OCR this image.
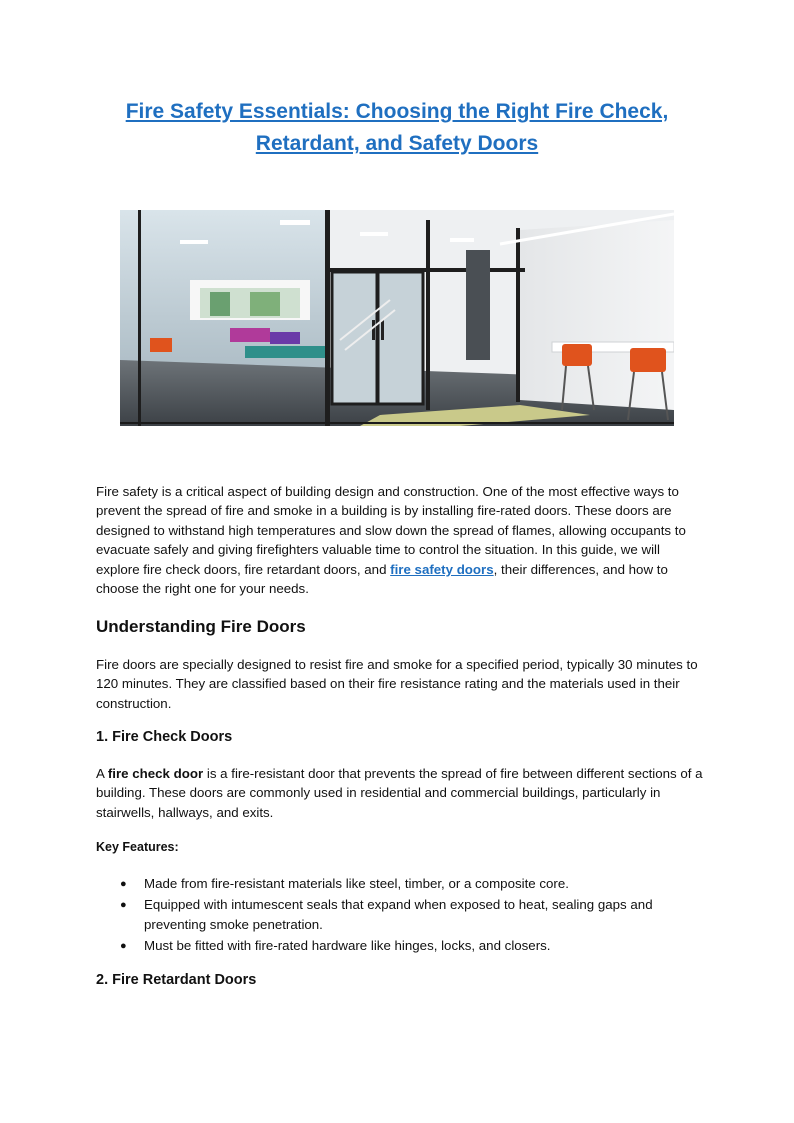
Fire Safety Essentials: Choosing the Right Fire Check,
Retardant, and Safety Doors

Fire safety is a critical aspect of building design and construction. One of the most effective ways to prevent the spread of fire and smoke in a building is by installing fire-rated doors. These doors are designed to withstand high temperatures and slow down the spread of flames, allowing occupants to evacuate safely and giving firefighters valuable time to control the situation. In this guide, we will explore fire check doors, fire retardant doors, and fire safety doors, their differences, and how to choose the right one for your needs.

Understanding Fire Doors

Fire doors are specially designed to resist fire and smoke for a specified period, typically 30 minutes to 120 minutes. They are classified based on their fire resistance rating and the materials used in their construction.

1. Fire Check Doors

A fire check door is a fire-resistant door that prevents the spread of fire between different sections of a building. These doors are commonly used in residential and commercial buildings, particularly in stairwells, hallways, and exits.

Key Features:

● Made from fire-resistant materials like steel, timber, or a composite core.
● Equipped with intumescent seals that expand when exposed to heat, sealing gaps and preventing smoke penetration.
● Must be fitted with fire-rated hardware like hinges, locks, and closers.
2. Fire Retardant Doors
